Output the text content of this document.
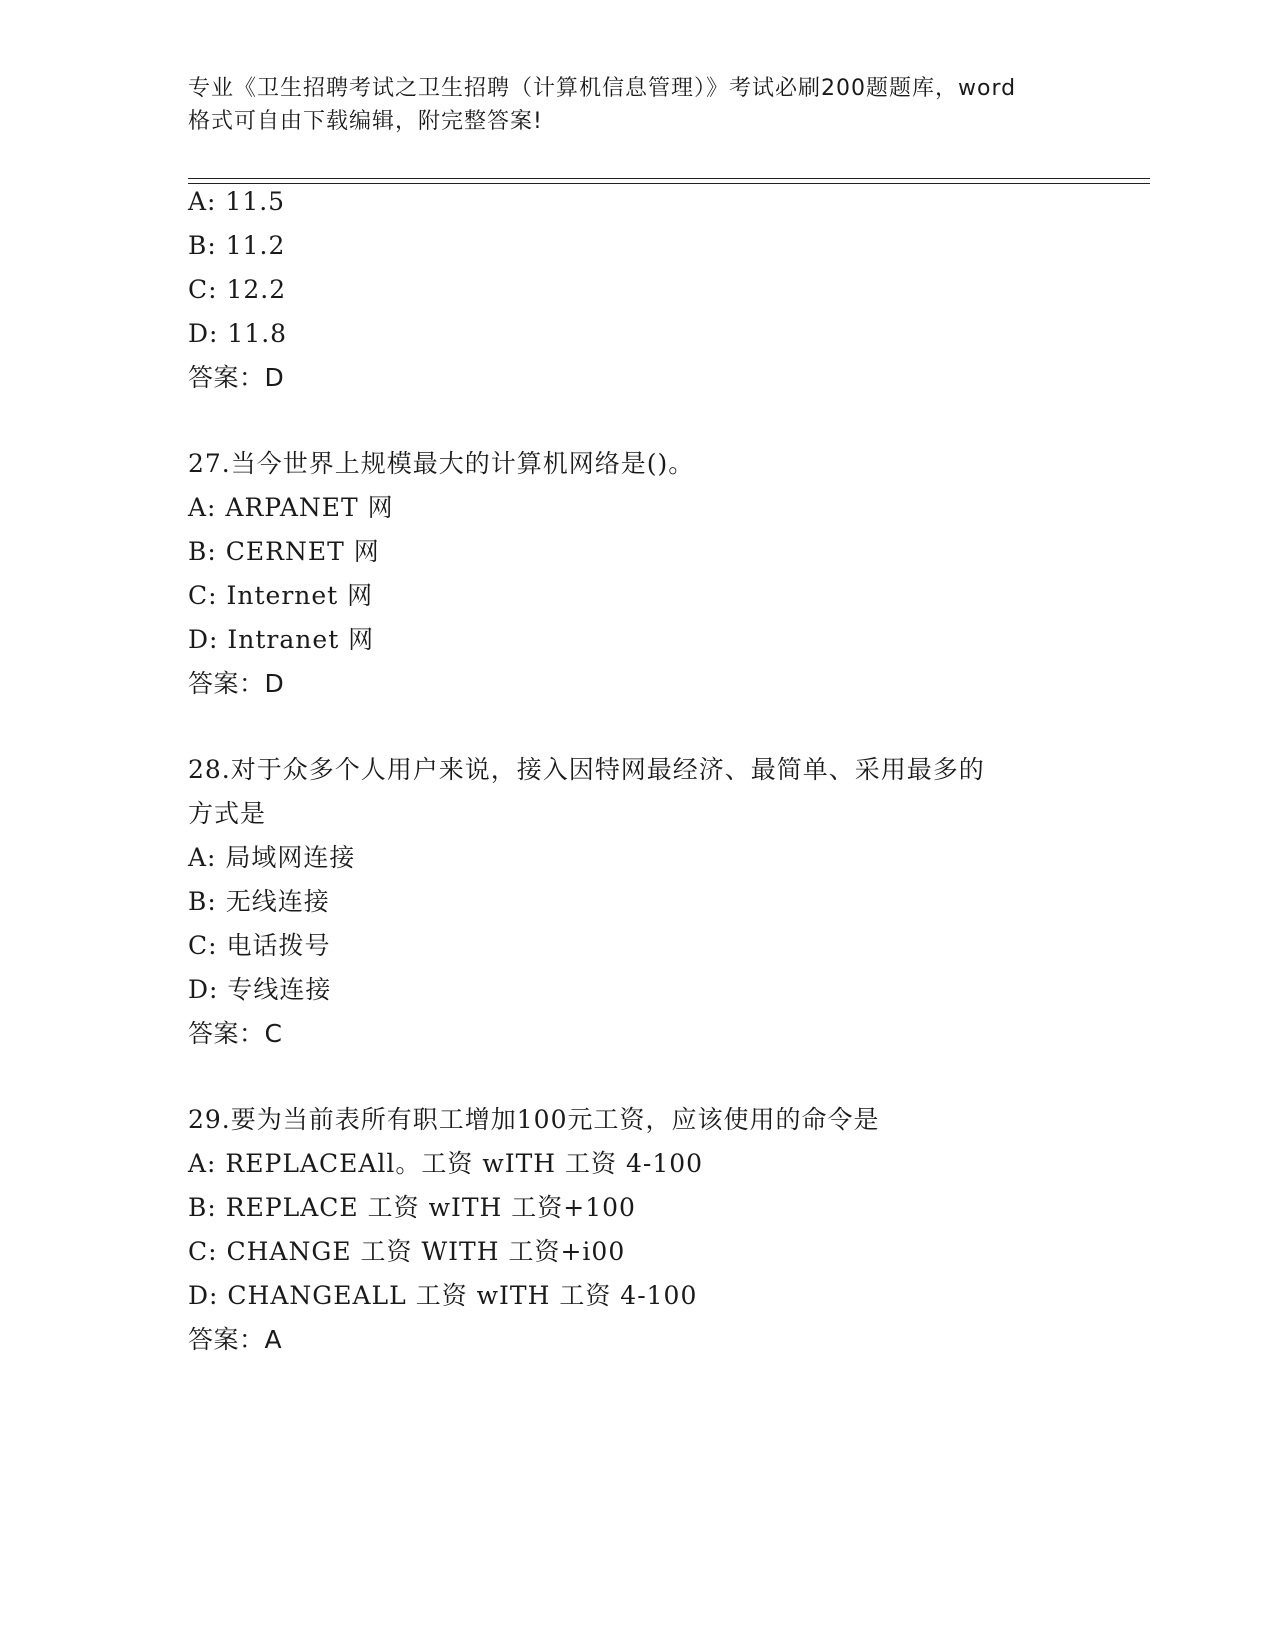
专业《卫生招聘考试之卫生招聘（计算机信息管理）》考试必刷200题题库，word
格式可自由下载编辑，附完整答案!
A: 11.5
B: 11.2
C: 12.2
D: 11.8
答案：D
27.当今世界上规模最大的计算机网络是()。
A: ARPANET 网
B: CERNET 网
C: Internet 网
D: Intranet 网
答案：D
28.对于众多个人用户来说，接入因特网最经济、最简单、采用最多的
方式是
A: 局域网连接
B: 无线连接
C: 电话拨号
D: 专线连接
答案：C
29.要为当前表所有职工增加100元工资，应该使用的命令是
A: REPLACEAll。工资 wITH 工资 4-100
B: REPLACE 工资 wITH 工资+100
C: CHANGE 工资 WITH 工资+i00
D: CHANGEALL 工资 wITH 工资 4-100
答案：A
